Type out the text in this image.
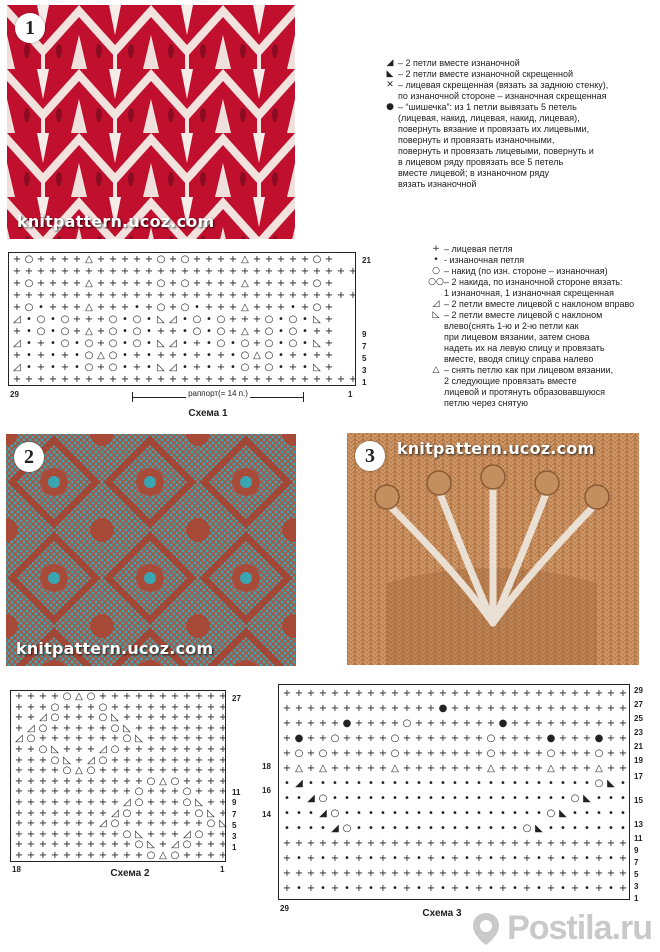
1
knitpattern.ucoz.com
◢ – 2 петли вместе изнаночной
◣ – 2 петли вместе изнаночной скрещенной
✕ – лицевая скрещенная (вязать за заднюю стенку),
по изнаночной стороне – изнаночная скрещенная
● – “шишечка”: из 1 петли вывязать 5 петель
(лицевая, накид, лицевая, накид, лицевая),
повернуть вязание и провязать их лицевыми,
повернуть и провязать изнаночными,
повернуть и провязать лицевыми, повернуть и
в лицевом ряду провязать все 5 петель
вместе лицевой; в изнаночном ряду
вязать изнаночной
+ ○ + + + + △ + + + + + ○ + ○ + + + + △ + + + + + ○ +
+ + + + + + + + + + + + + + + + + + + + + + + + + + + + +
+ ○ + + + + △ + + + + + ○ + ○ + + + + △ + + + + + ○ +
+ + + + + + + + + + + + + + + + + + + + + + + + + + + + +
+ ○ • + + + △ + + + • + ○ + ○ • + + + △ + + + • + ○ +
◿ • ○ • ○ + + + ○ • ○ • ◺ ◿ • ○ • ○ + + + ○ • ○ • ◺ +
+ • ○ • ○ + △ + ○ • ○ • + + • ○ • ○ + △ + ○ • ○ • + +
◿ • + • ○ • ○ + ○ • ○ • ◺ ◿ • + • ○ • ○ + ○ • ○ • ◺ +
+ • + • + • ○ △ ○ • + • + + • + • + • ○ △ ○ • + • + +
◿ • + • + • ○ + ○ • + • ◺ ◿ • + • + • ○ + ○ • + • ◺ +
+ + + + + + + + + + + + + + + + + + + + + + + + + + + + +
21
9
7
5
3
1
29	1
раппорт(= 14 п.)
Схема 1
+ – лицевая петля
• - изнаночная петля
○ – накид (по изн. стороне – изнаночная)
○○ – 2 накида, по изнаночной стороне вязать:
1 изнаночная, 1 изнаночная скрещенная
◿ – 2 петли вместе лицевой с наклоном вправо
◺ – 2 петли вместе лицевой с наклоном
влево(снять 1-ю и 2-ю петли как
при лицевом вязании, затем снова
надеть их на левую спицу и провязать
вместе, вводя спицу справа налево
△ – снять петлю как при лицевом вязании,
2 следующие провязать вместе
лицевой и протянуть образовавшуюся
петлю через снятую
2
knitpattern.ucoz.com
3	knitpattern.ucoz.com
+ + + + ○ △ ○ + + + + + + + + + + +
+ + + ○ + + + ○ + + + + + + + + + +
+ + ◿ ○ + + + ○ ◺ + + + + + + + + +
+ ◿ ○ + + + + + ○ ◺ + + + + + + + +
◿ ○ + + + + + + + ○ ◺ + + + + + + +
+ + ○ ◺ + + + ◿ ○ + + + + + + + + +
+ + + ○ ◺ + ◿ ○ + + + + + + + + + +
+ + + + ○ △ ○ + + + + + + + + + + +
+ + + + + + + + + + + ○ △ ○ + + + +
+ + + + + + + + + + ○ + + + ○ + + +
+ + + + + + + + + ◿ ○ + + + ○ ◺ + +
+ + + + + + + + ◿ ○ + + + + + ○ ◺ +
+ + + + + + + ◿ ○ + + + + + + + ○ ◺
+ + + + + + + + + ○ ◺ + + + ◿ ○ + +
+ + + + + + + + + + ○ ◺ + ◿ ○ + + +
+ + + + + + + + + + + ○ △ ○ + + + +
27
11
9
7
5
3
1
18	1
Схема 2
+ + + + + + + + + + + + + + + + + + + + + + + + + + + + +
+ + + + + + + + + + + + + ● + + + + + + + + + + + + + + +
+ + + + + ● + + + + ○ + + + + + + + ● + + + + + + + + + +
+ ● + + ○ + + + + ○ + + + + + + + ○ + + + + ● + + + ● + +
+ ○ + ○ + + + + + ○ + + + + + + + ○ + + + + ○ + + + ○ + +
+ △ + △ + + + + + △ + + + + + + + △ + + + + △ + + + △ + +
• ◢ • • • • • • • • • • • • • • • • • • • • • • • • ○ ◣ •
• • ◢ ○ • • • • • • • • • • • • • • • • • • • • ○ ◣ • • •
• • • ◢ ○ • • • • • • • • • • • • • • • • • ○ ◣ • • • • •
• • • • ◢ ○ • • • • • • • • • • • • • • ○ ◣ • • • • • • •
+ + + + + + + + + + + + + + + + + + + + + + + + + + + + +
+ • + • + • + • + • + • + • + • + • + • + • + • + • + • +
+ + + + + + + + + + + + + + + + + + + + + + + + + + + + +
+ • + • + • + • + • + • + • + • + • + • + • + • + • + • +
29
27
25
23
21
19
17
15
13
11
9
7
5
3
1
18
16
14
29	Схема 3	Postila.ru
